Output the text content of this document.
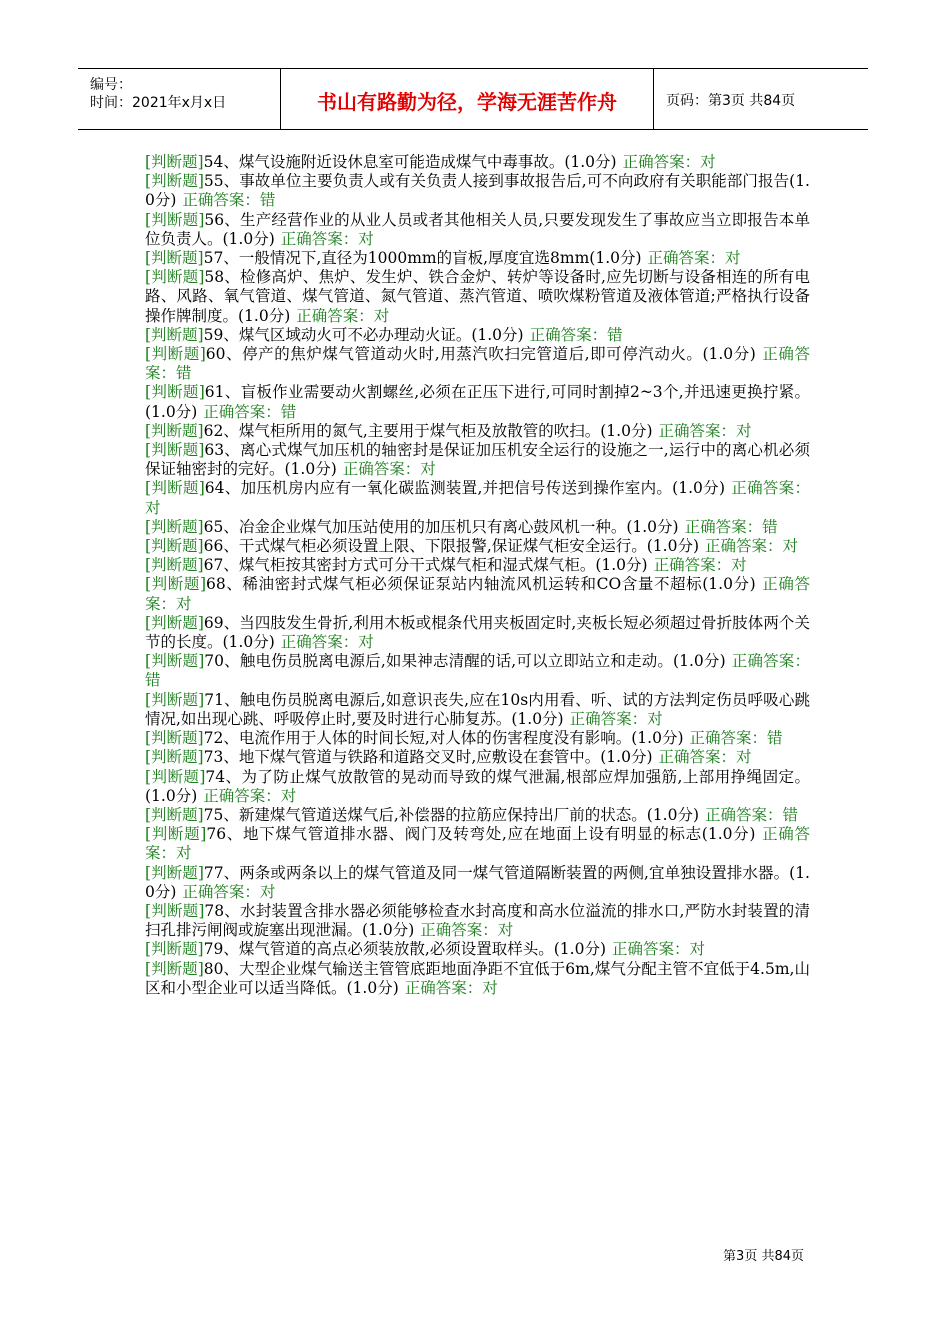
编号：
时间：2021年x月x日	书山有路勤为径，学海无涯苦作舟	页码：第3页 共84页

[判断题]54、煤气设施附近设休息室可能造成煤气中毒事故。(1.0分) 正确答案：对

[判断题]55、事故单位主要负责人或有关负责人接到事故报告后,可不向政府有关职能部门报告(1.0分) 正确答案：错

[判断题]56、生产经营作业的从业人员或者其他相关人员,只要发现发生了事故应当立即报告本单位负责人。(1.0分) 正确答案：对

[判断题]57、一般情况下,直径为1000mm的盲板,厚度宜选8mm(1.0分) 正确答案：对

[判断题]58、检修高炉、焦炉、发生炉、铁合金炉、转炉等设备时,应先切断与设备相连的所有电路、风路、氧气管道、煤气管道、氮气管道、蒸汽管道、喷吹煤粉管道及液体管道;严格执行设备操作牌制度。(1.0分) 正确答案：对

[判断题]59、煤气区域动火可不必办理动火证。(1.0分) 正确答案：错

[判断题]60、停产的焦炉煤气管道动火时,用蒸汽吹扫完管道后,即可停汽动火。(1.0分) 正确答案：错

[判断题]61、盲板作业需要动火割螺丝,必须在正压下进行,可同时割掉2~3个,并迅速更换拧紧。(1.0分) 正确答案：错

[判断题]62、煤气柜所用的氮气,主要用于煤气柜及放散管的吹扫。(1.0分) 正确答案：对

[判断题]63、离心式煤气加压机的轴密封是保证加压机安全运行的设施之一,运行中的离心机必须保证轴密封的完好。(1.0分) 正确答案：对

[判断题]64、加压机房内应有一氧化碳监测装置,并把信号传送到操作室内。(1.0分) 正确答案：对

[判断题]65、冶金企业煤气加压站使用的加压机只有离心鼓风机一种。(1.0分) 正确答案：错

[判断题]66、干式煤气柜必须设置上限、下限报警,保证煤气柜安全运行。(1.0分) 正确答案：对

[判断题]67、煤气柜按其密封方式可分干式煤气柜和湿式煤气柜。(1.0分) 正确答案：对

[判断题]68、稀油密封式煤气柜必须保证泵站内轴流风机运转和CO含量不超标(1.0分) 正确答案：对

[判断题]69、当四肢发生骨折,利用木板或棍条代用夹板固定时,夹板长短必须超过骨折肢体两个关节的长度。(1.0分) 正确答案：对

[判断题]70、触电伤员脱离电源后,如果神志清醒的话,可以立即站立和走动。(1.0分) 正确答案：错

[判断题]71、触电伤员脱离电源后,如意识丧失,应在10s内用看、听、试的方法判定伤员呼吸心跳情况,如出现心跳、呼吸停止时,要及时进行心肺复苏。(1.0分) 正确答案：对

[判断题]72、电流作用于人体的时间长短,对人体的伤害程度没有影响。(1.0分) 正确答案：错

[判断题]73、地下煤气管道与铁路和道路交叉时,应敷设在套管中。(1.0分) 正确答案：对

[判断题]74、为了防止煤气放散管的晃动而导致的煤气泄漏,根部应焊加强筋,上部用挣绳固定。(1.0分) 正确答案：对

[判断题]75、新建煤气管道送煤气后,补偿器的拉筋应保持出厂前的状态。(1.0分) 正确答案：错

[判断题]76、地下煤气管道排水器、阀门及转弯处,应在地面上设有明显的标志(1.0分) 正确答案：对

[判断题]77、两条或两条以上的煤气管道及同一煤气管道隔断装置的两侧,宜单独设置排水器。(1.0分) 正确答案：对

[判断题]78、水封装置含排水器必须能够检查水封高度和高水位溢流的排水口,严防水封装置的清扫孔排污闸阀或旋塞出现泄漏。(1.0分) 正确答案：对

[判断题]79、煤气管道的高点必须装放散,必须设置取样头。(1.0分) 正确答案：对

[判断题]80、大型企业煤气输送主管管底距地面净距不宜低于6m,煤气分配主管不宜低于4.5m,山区和小型企业可以适当降低。(1.0分) 正确答案：对

第3页 共84页
